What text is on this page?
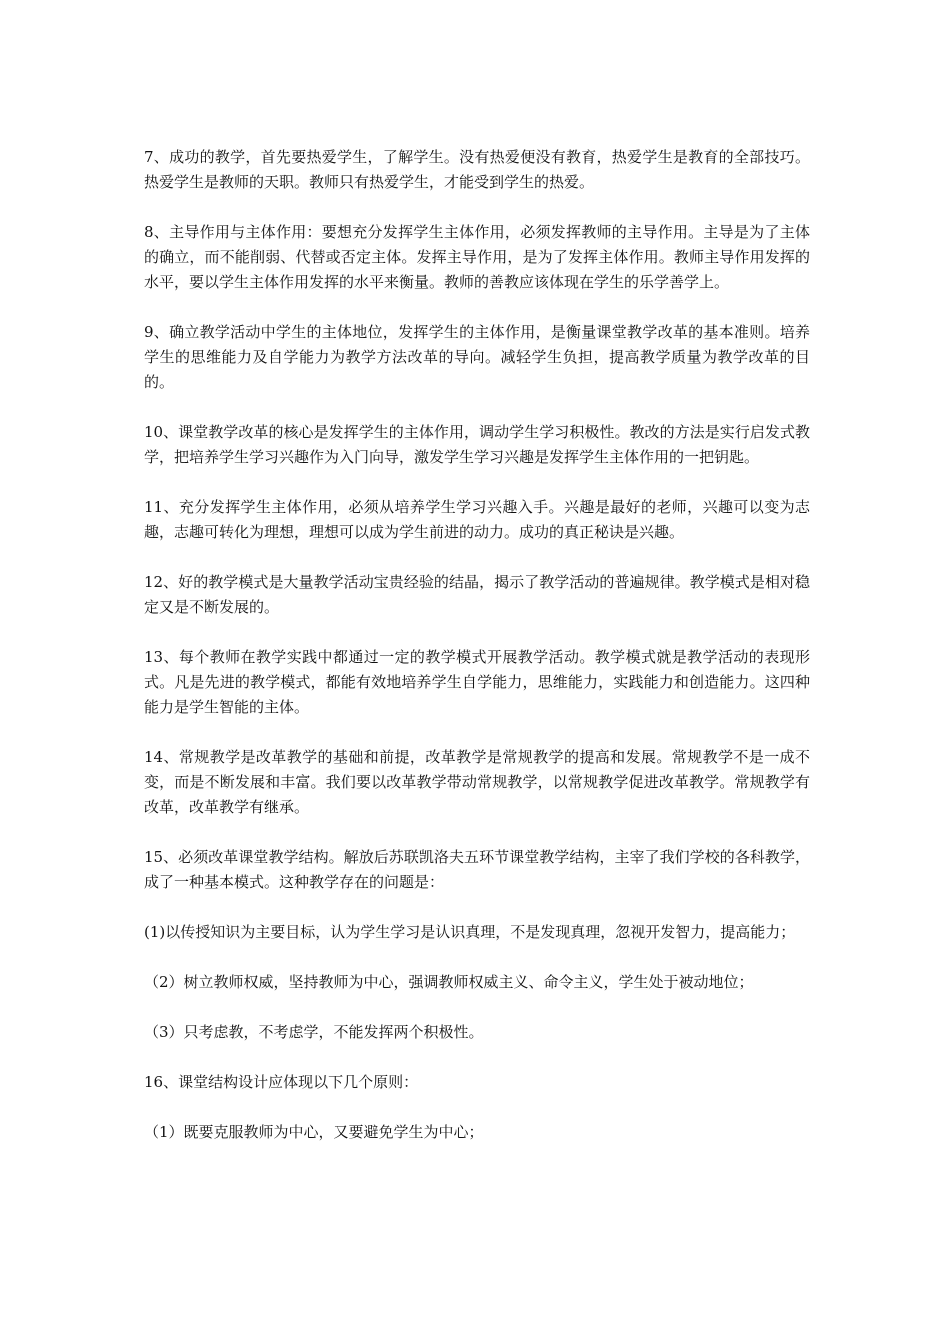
7、成功的教学，首先要热爱学生，了解学生。没有热爱便没有教育，热爱学生是教育的全部技巧。热爱学生是教师的天职。教师只有热爱学生，才能受到学生的热爱。

8、主导作用与主体作用：要想充分发挥学生主体作用，必须发挥教师的主导作用。主导是为了主体的确立，而不能削弱、代替或否定主体。发挥主导作用，是为了发挥主体作用。教师主导作用发挥的水平，要以学生主体作用发挥的水平来衡量。教师的善教应该体现在学生的乐学善学上。

9、确立教学活动中学生的主体地位，发挥学生的主体作用，是衡量课堂教学改革的基本准则。培养学生的思维能力及自学能力为教学方法改革的导向。减轻学生负担，提高教学质量为教学改革的目的。

10、课堂教学改革的核心是发挥学生的主体作用，调动学生学习积极性。教改的方法是实行启发式教学，把培养学生学习兴趣作为入门向导，激发学生学习兴趣是发挥学生主体作用的一把钥匙。

11、充分发挥学生主体作用，必须从培养学生学习兴趣入手。兴趣是最好的老师，兴趣可以变为志趣，志趣可转化为理想，理想可以成为学生前进的动力。成功的真正秘诀是兴趣。

12、好的教学模式是大量教学活动宝贵经验的结晶，揭示了教学活动的普遍规律。教学模式是相对稳定又是不断发展的。

13、每个教师在教学实践中都通过一定的教学模式开展教学活动。教学模式就是教学活动的表现形式。凡是先进的教学模式，都能有效地培养学生自学能力，思维能力，实践能力和创造能力。这四种能力是学生智能的主体。

14、常规教学是改革教学的基础和前提，改革教学是常规教学的提高和发展。常规教学不是一成不变，而是不断发展和丰富。我们要以改革教学带动常规教学，以常规教学促进改革教学。常规教学有改革，改革教学有继承。

15、必须改革课堂教学结构。解放后苏联凯洛夫五环节课堂教学结构，主宰了我们学校的各科教学，成了一种基本模式。这种教学存在的问题是：

(1)以传授知识为主要目标，认为学生学习是认识真理，不是发现真理，忽视开发智力，提高能力；

（2）树立教师权威，坚持教师为中心，强调教师权威主义、命令主义，学生处于被动地位；

（3）只考虑教，不考虑学，不能发挥两个积极性。

16、课堂结构设计应体现以下几个原则：

（1）既要克服教师为中心，又要避免学生为中心；
